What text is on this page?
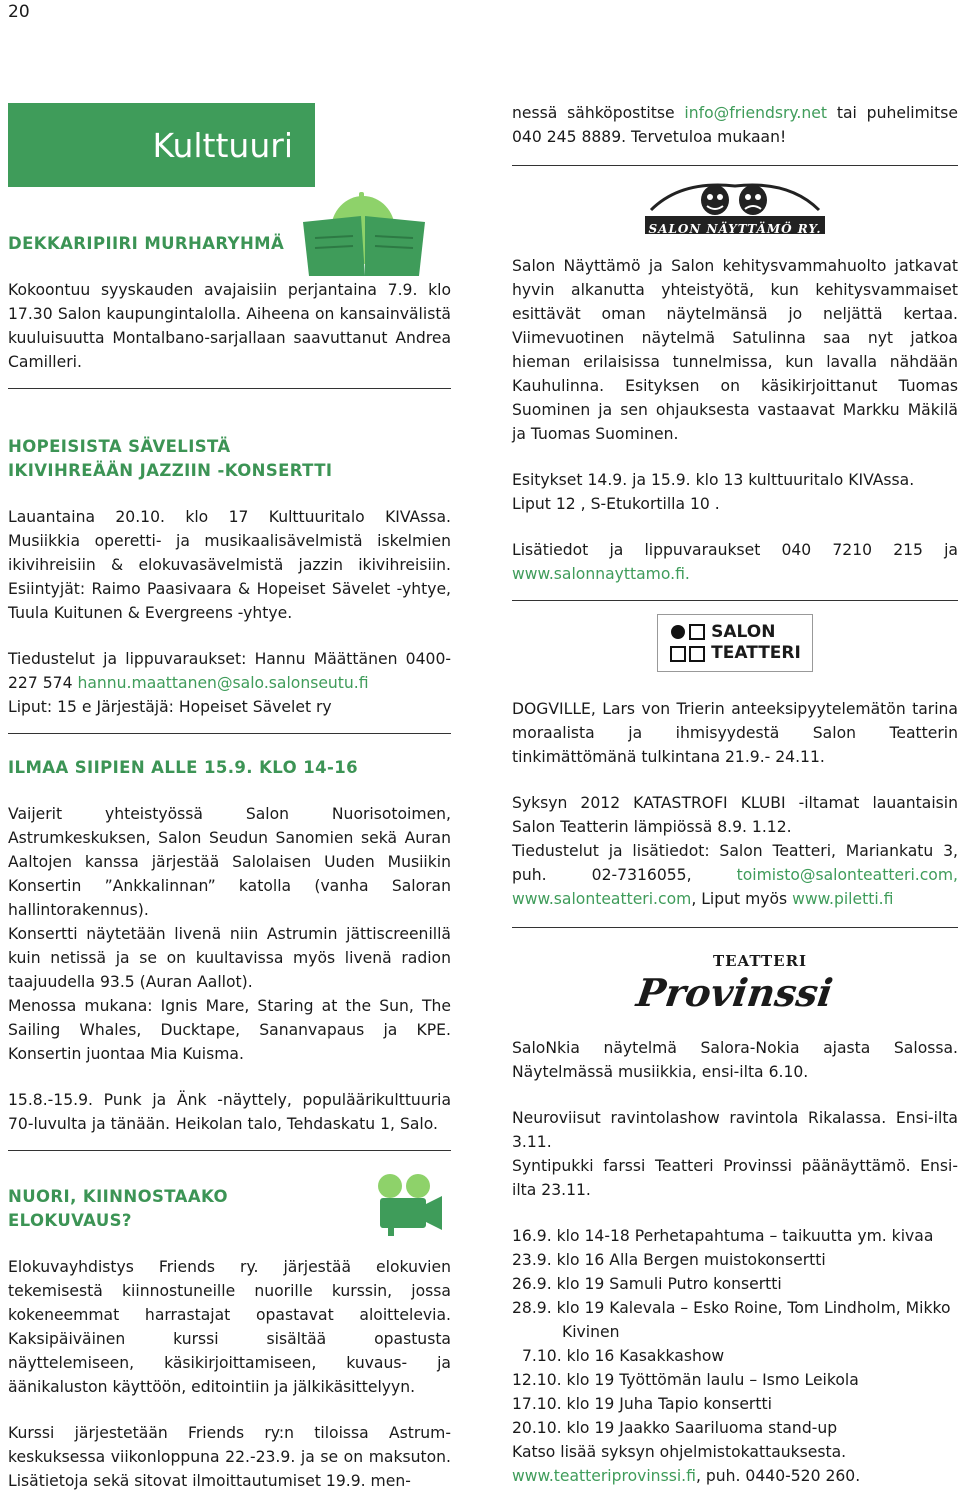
20
Kulttuuri

DEKKARIPIIRI MURHARYHMÄ

Kokoontuu syyskauden avajaisiin perjantaina 7.9. klo 17.30 Salon kaupungintalolla. Aiheena on kansainvälistä kuuluisuutta Montalbano-sarjallaan saavuttanut Andrea Camilleri.

HOPEISISTA SÄVELISTÄ

IKIVIHREÄÄN JAZZIIN -KONSERTTI

Lauantaina 20.10. klo 17 Kulttuuritalo KIVAssa. Musiikkia operetti- ja musikaalisävelmistä iskelmien ikivihreisiin & elokuvasävelmistä jazzin ikivihreisiin. Esiintyjät: Raimo Paasivaara & Hopeiset Sävelet -yhtye, Tuula Kuitunen & Evergreens -yhtye.

Tiedustelut ja lippuvaraukset: Hannu Määttänen 0400-227 574 hannu.maattanen@salo.salonseutu.fi

Liput: 15 e Järjestäjä: Hopeiset Sävelet ry

ILMAA SIIPIEN ALLE 15.9. KLO 14-16

Vaijerit yhteistyössä Salon Nuorisotoimen, Astrumkeskuksen, Salon Seudun Sanomien sekä Auran Aaltojen kanssa järjestää Salolaisen Uuden Musiikin Konsertin ”Ankkalinnan” katolla (vanha Saloran hallintorakennus).

Konsertti näytetään livenä niin Astrumin jättiscreenillä kuin netissä ja se on kuultavissa myös livenä radion taajuudella 93.5 (Auran Aallot).

Menossa mukana: Ignis Mare, Staring at the Sun, The Sailing Whales, Ducktape, Sananvapaus ja KPE. Konsertin juontaa Mia Kuisma.

15.8.-15.9. Punk ja Änk -näyttely, populäärikulttuuria 70-luvulta ja tänään. Heikolan talo, Tehdaskatu 1, Salo.

NUORI, KIINNOSTAAKO ELOKUVAUS?

Elokuvayhdistys Friends ry. järjestää elokuvien tekemisestä kiinnostuneille nuorille kurssin, jossa kokeneemmat harrastajat opastavat aloittelevia. Kaksipäiväinen kurssi sisältää opastusta näyttelemiseen, käsikirjoittamiseen, kuvaus- ja äänikaluston käyttöön, editointiin ja jälkikäsittelyyn.

Kurssi järjestetään Friends ry:n tiloissa Astrum-keskuksessa viikonloppuna 22.-23.9. ja se on maksuton. Lisätietoja sekä sitovat ilmoittautumiset 19.9. men-

nessä sähköpostitse info@friendsry.net tai puhelimitse 040 245 8889. Tervetuloa mukaan!

SALON NÄYTTÄMÖ RY.

Salon Näyttämö ja Salon kehitysvammahuolto jatkavat hyvin alkanutta yhteistyötä, kun kehitysvammaiset esittävät oman näytelmänsä jo neljättä kertaa. Viimevuotinen näytelmä Satulinna saa nyt jatkoa hieman erilaisissa tunnelmissa, kun lavalla nähdään Kauhulinna. Esityksen on käsikirjoittanut Tuomas Suominen ja sen ohjauksesta vastaavat Markku Mäkilä ja Tuomas Suominen.

Esitykset 14.9. ja 15.9. klo 13 kulttuuritalo KIVAssa.

Liput 12 , S-Etukortilla 10 .

Lisätiedot ja lippuvaraukset 040 7210 215 ja www.salonnayttamo.fi.

SALON
TEATTERI

DOGVILLE, Lars von Trierin anteeksipyytelemätön tarina moraalista ja ihmisyydestä Salon Teatterin tinkimättömänä tulkintana 21.9.- 24.11.

Syksyn 2012 KATASTROFI KLUBI -iltamat lauantaisin Salon Teatterin lämpiössä 8.9. 1.12.

Tiedustelut ja lisätiedot: Salon Teatteri, Mariankatu 3, puh. 02-7316055,	toimisto@salonteatteri.com, www.salonteatteri.com, Liput myös www.piletti.fi

TEATTERI
Provinssi

SaloNkia näytelmä Salora-Nokia ajasta Salossa. Näytelmässä musiikkia, ensi-ilta 6.10.

Neuroviisut ravintolashow ravintola Rikalassa. Ensi-ilta 3.11.

Syntipukki farssi Teatteri Provinssi päänäyttämö. Ensi-ilta 23.11.

16.9. klo 14-18 Perhetapahtuma – taikuutta ym. kivaa
23.9. klo 16 Alla Bergen muistokonsertti
26.9. klo 19 Samuli Putro konsertti
28.9. klo 19 Kalevala – Esko Roine, Tom Lindholm, Mikko Kivinen
7.10. klo 16 Kasakkashow
12.10. klo 19 Työttömän laulu – Ismo Leikola
17.10. klo 19 Juha Tapio konsertti
20.10. klo 19 Jaakko Saariluoma stand-up

Katso lisää syksyn ohjelmistokattauksesta. www.teatteriprovinssi.fi, puh. 0440-520 260.
